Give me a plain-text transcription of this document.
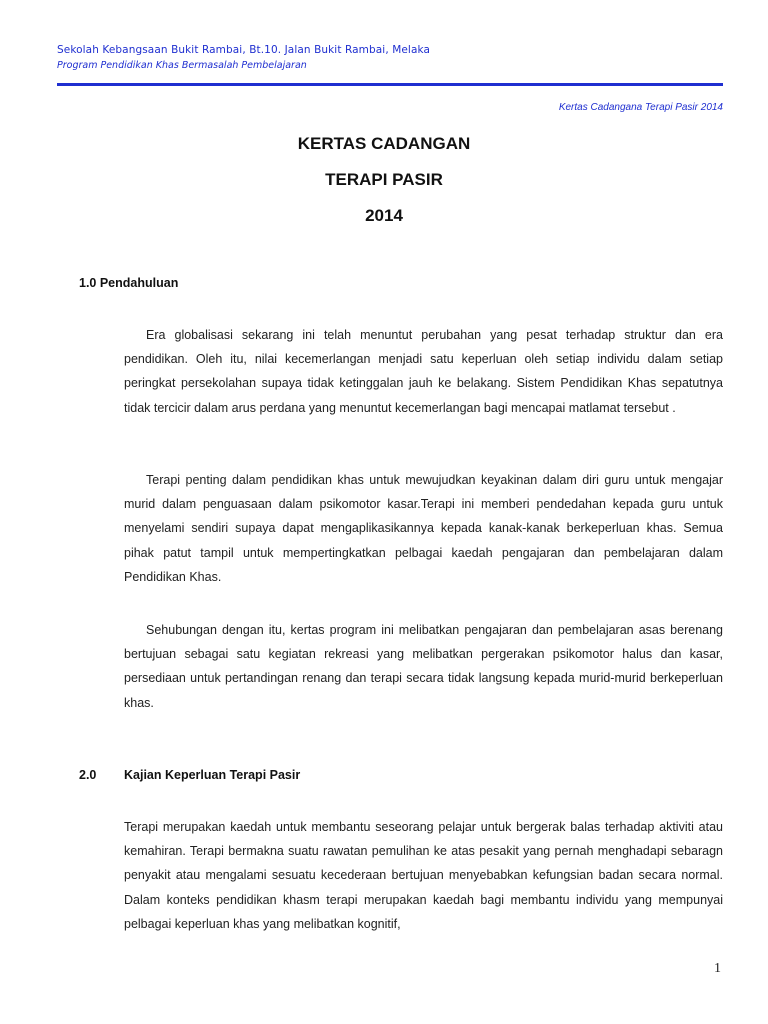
Sekolah Kebangsaan Bukit Rambai, Bt.10. Jalan Bukit Rambai, Melaka
Program Pendidikan Khas Bermasalah Pembelajaran
Kertas Cadangana Terapi Pasir 2014
KERTAS CADANGAN
TERAPI PASIR
2014
1.0 Pendahuluan
Era globalisasi sekarang ini telah menuntut perubahan yang pesat terhadap struktur dan era pendidikan. Oleh itu, nilai kecemerlangan menjadi satu keperluan oleh setiap individu dalam setiap peringkat persekolahan supaya tidak ketinggalan jauh ke belakang. Sistem Pendidikan Khas sepatutnya tidak tercicir dalam arus perdana yang menuntut kecemerlangan bagi mencapai matlamat tersebut .
Terapi penting dalam pendidikan khas untuk mewujudkan keyakinan dalam diri guru untuk mengajar murid dalam penguasaan dalam psikomotor kasar.Terapi ini memberi pendedahan kepada guru untuk menyelami sendiri supaya dapat mengaplikasikannya kepada kanak-kanak berkeperluan khas. Semua pihak patut tampil untuk mempertingkatkan pelbagai kaedah pengajaran dan pembelajaran dalam Pendidikan Khas.
Sehubungan dengan itu, kertas program ini melibatkan pengajaran dan pembelajaran asas berenang bertujuan sebagai satu kegiatan rekreasi yang melibatkan pergerakan psikomotor halus dan kasar, persediaan untuk pertandingan renang dan terapi secara tidak langsung kepada murid-murid berkeperluan khas.
2.0 Kajian Keperluan Terapi Pasir
Terapi merupakan kaedah untuk membantu seseorang pelajar untuk bergerak balas terhadap aktiviti atau kemahiran. Terapi bermakna suatu rawatan pemulihan ke atas pesakit yang pernah menghadapi sebaragn penyakit atau mengalami sesuatu kecederaan bertujuan menyebabkan kefungsian badan secara normal. Dalam konteks pendidikan khasm terapi merupakan kaedah bagi membantu individu yang mempunyai pelbagai keperluan khas yang melibatkan kognitif,
1
